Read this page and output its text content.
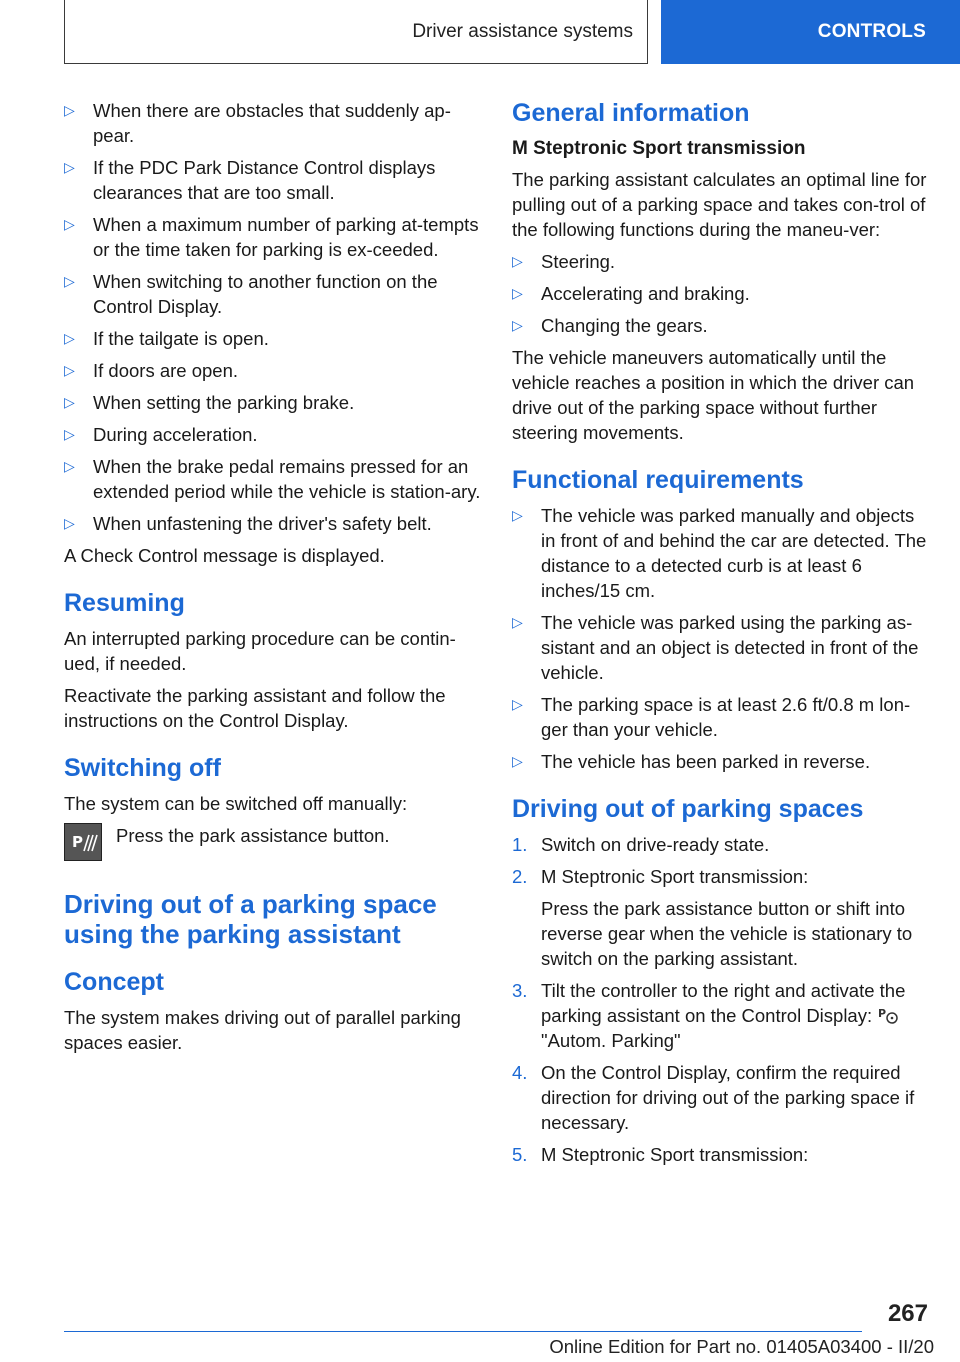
Driver assistance systems	CONTROLS
▷ When there are obstacles that suddenly ap‐pear.
▷ If the PDC Park Distance Control displays clearances that are too small.
▷ When a maximum number of parking at‐tempts or the time taken for parking is ex‐ceeded.
▷ When switching to another function on the Control Display.
▷ If the tailgate is open.
▷ If doors are open.
▷ When setting the parking brake.
▷ During acceleration.
▷ When the brake pedal remains pressed for an extended period while the vehicle is station‐ary.
▷ When unfastening the driver's safety belt.

A Check Control message is displayed.

Resuming

An interrupted parking procedure can be contin‐ued, if needed.

Reactivate the parking assistant and follow the instructions on the Control Display.

Switching off

The system can be switched off manually:

P Press the park assistance button.
Driving out of a parking space using the parking assistant
Concept

The system makes driving out of parallel parking spaces easier.

General information
M Steptronic Sport transmission

The parking assistant calculates an optimal line for pulling out of a parking space and takes con‐trol of the following functions during the maneu‐ver:

▷ Steering.
▷ Accelerating and braking.
▷ Changing the gears.

The vehicle maneuvers automatically until the vehicle reaches a position in which the driver can drive out of the parking space without further steering movements.

Functional requirements
▷ The vehicle was parked manually and objects in front of and behind the car are detected. The distance to a detected curb is at least 6 inches/15 cm.
▷ The vehicle was parked using the parking as‐sistant and an object is detected in front of the vehicle.
▷ The parking space is at least 2.6 ft/0.8 m lon‐ger than your vehicle.
▷ The vehicle has been parked in reverse.
Driving out of parking spaces
1. Switch on drive-ready state.
2. M Steptronic Sport transmission:
Press the park assistance button or shift into reverse gear when the vehicle is stationary to switch on the parking assistant.
3. Tilt the controller to the right and activate the parking assistant on the Control Display: P

"Autom. Parking"
4. On the Control Display, confirm the required direction for driving out of the parking space if necessary.
5. M Steptronic Sport transmission:
267
Online Edition for Part no. 01405A03400 - II/20
